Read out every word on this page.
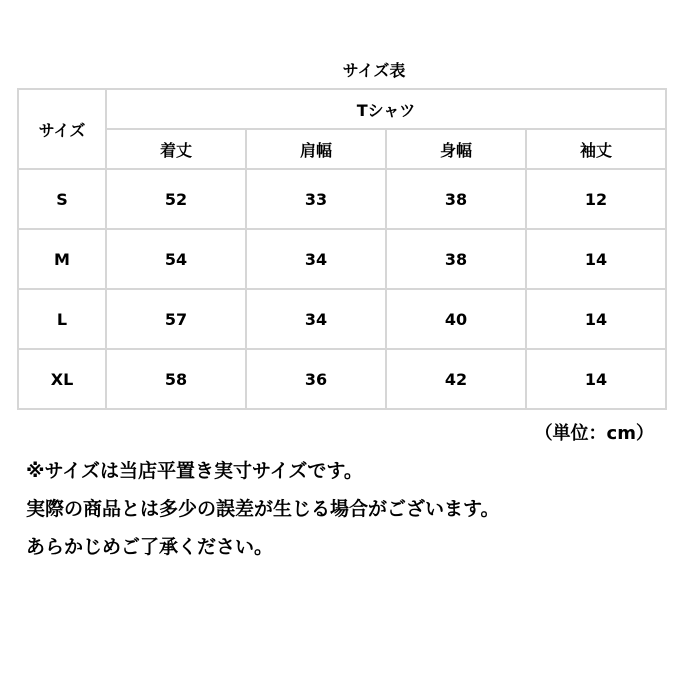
サイズ表
サイズ	Tシャツ			
	着丈	肩幅	身幅	袖丈
S	52	33	38	12
M	54	34	38	14
L	57	34	40	14
XL	58	36	42	14
（単位：cm）
※サイズは当店平置き実寸サイズです。
実際の商品とは多少の誤差が生じる場合がございます。
あらかじめご了承ください。
